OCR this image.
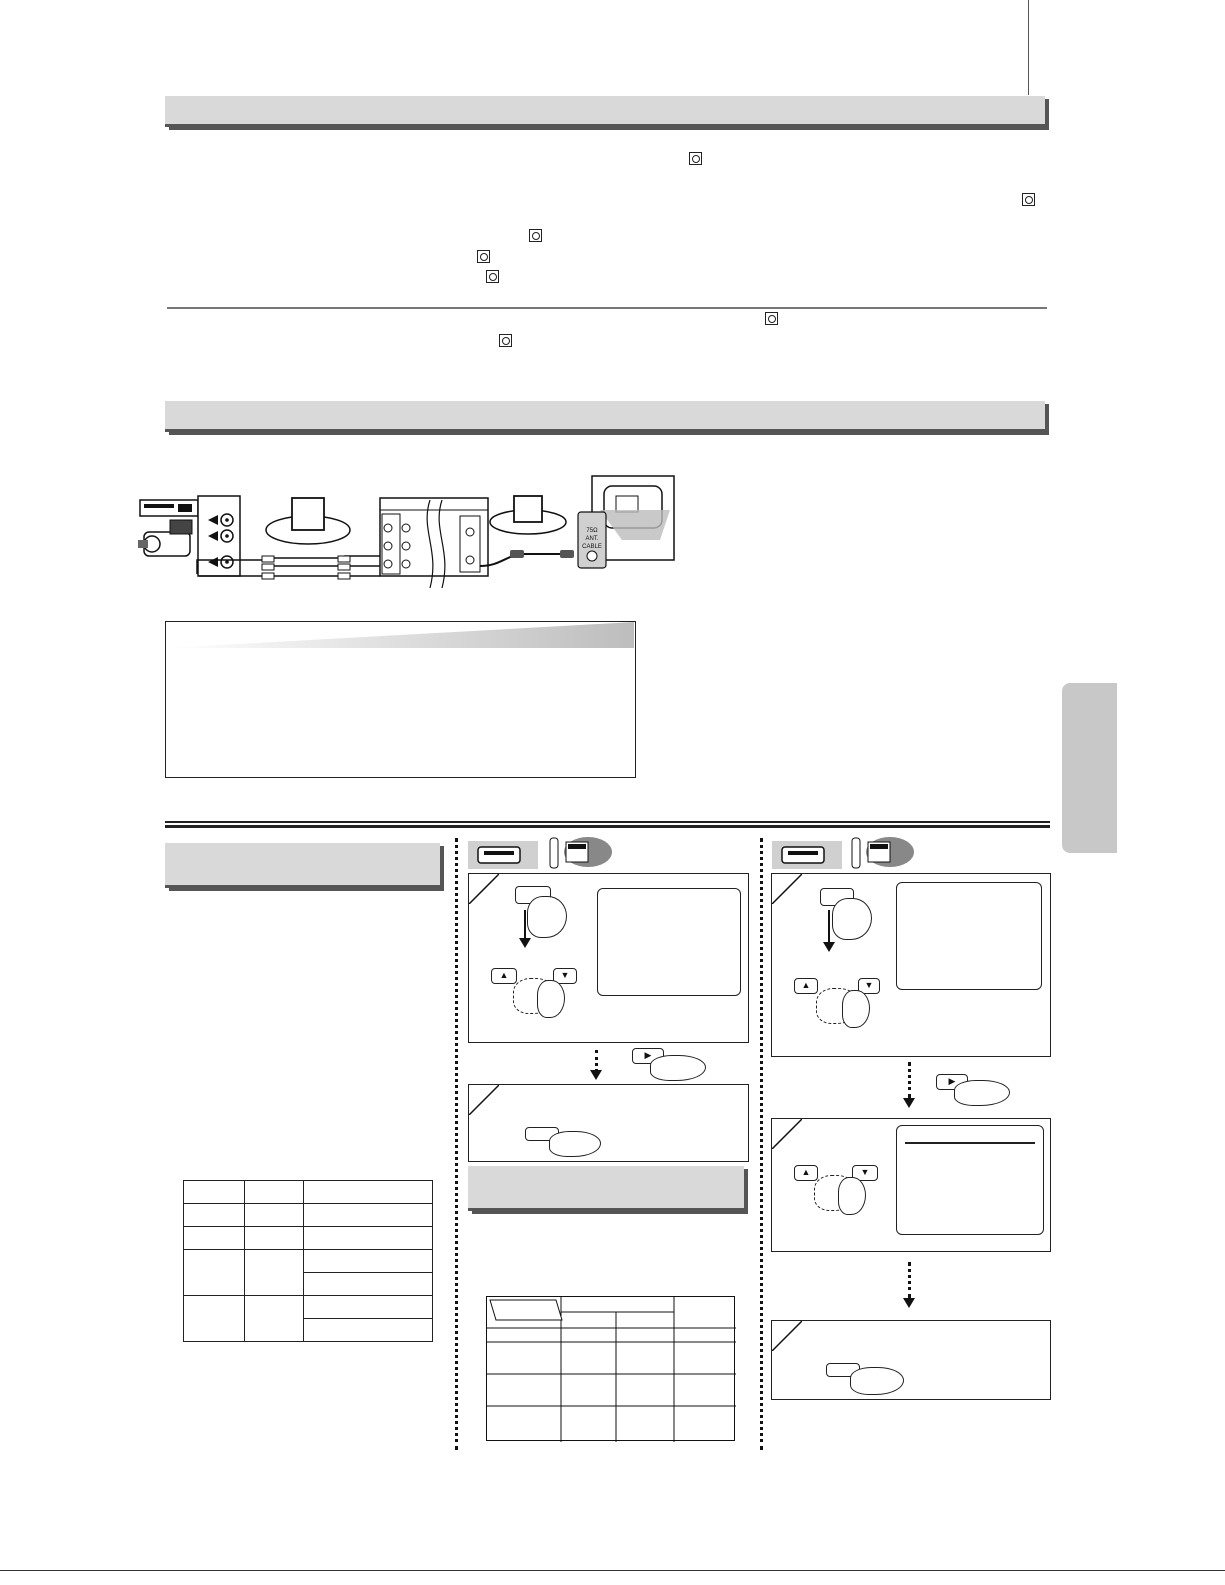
75Ω
ANT.
CABLE

▲	▼
▶
▲	▼
▶
▲	▼
